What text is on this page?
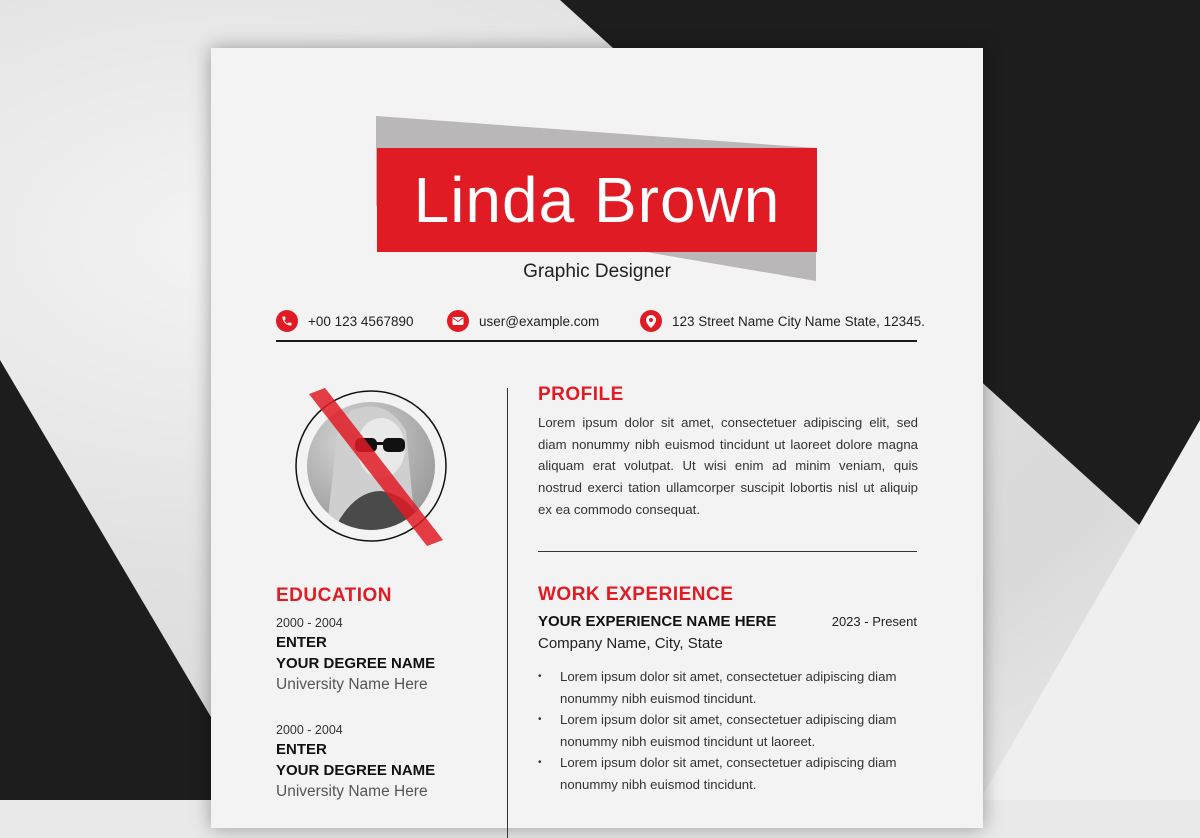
Linda Brown
Graphic Designer
+00 123 4567890	user@example.com	123 Street Name City Name State, 12345.
EDUCATION
2000 - 2004
ENTER
YOUR DEGREE NAME
University Name Here
2000 - 2004
ENTER
YOUR DEGREE NAME
University Name Here
PROFILE
Lorem ipsum dolor sit amet, consectetuer adipiscing elit, sed diam nonummy nibh euismod tincidunt ut laoreet dolore magna aliquam erat volutpat. Ut wisi enim ad minim veniam, quis nostrud exerci tation ullamcorper suscipit lobortis nisl ut aliquip ex ea commodo consequat.
WORK EXPERIENCE
YOUR EXPERIENCE NAME HERE	2023 - Present
Company Name, City, State
• Lorem ipsum dolor sit amet, consectetuer adipiscing diam nonummy nibh euismod tincidunt.
• Lorem ipsum dolor sit amet, consectetuer adipiscing diam nonummy nibh euismod tincidunt ut laoreet.
• Lorem ipsum dolor sit amet, consectetuer adipiscing diam nonummy nibh euismod tincidunt.
